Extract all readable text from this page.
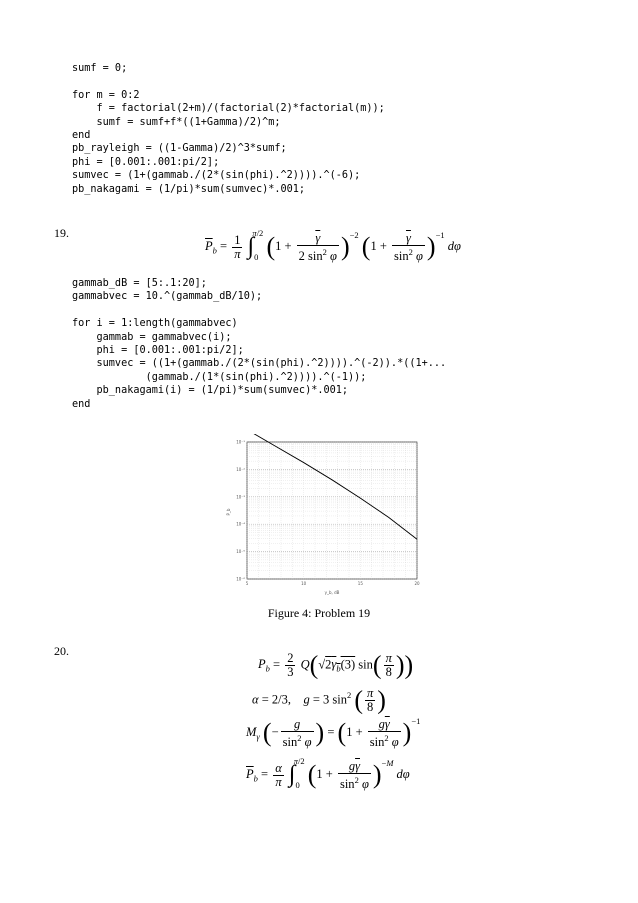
sumf = 0;

for m = 0:2
f = factorial(2+m)/(factorial(2)*factorial(m));
sumf = sumf+f*((1+Gamma)/2)^m;
end
pb_rayleigh = ((1-Gamma)/2)^3*sumf;
phi = [0.001:.001:pi/2];
sumvec = (1+(gammab./(2*(sin(phi).^2)))).^(-6);
pb_nakagami = (1/pi)*sum(sumvec)*.001;
19.
$\overline{P}_b = \frac{1}{\pi} \int_0^{\pi/2}$ $(1 + \frac{\overline{\gamma}}{2 \sin^2 \varphi} )^{-2}$ $(1 + \frac{\overline{\gamma}}{\sin^2 \varphi} )^{-1}$ dφ
gammab_dB = [5:.1:20];
gammabvec = 10.^(gammab_dB/10);

for i = 1:length(gammabvec)
gammab = gammabvec(i);
phi = [0.001:.001:pi/2];
sumvec = ((1+(gammab./(2*(sin(phi).^2)))).^(-2)).*((1+...
(gammab./(1*(sin(phi).^2)))).^(-1));
pb_nakagami(i) = (1/pi)*sum(sumvec)*.001;
end
5	10	15	20
10⁻¹
10⁻²
10⁻³
10⁻⁴
10⁻⁵
10⁻⁶
γ_b, dB
P_b
Figure 4: Problem 19
20.
$P_b = \frac{2}{3} Q(√2\gamma_b(3)$ $\sin( \frac{\pi}{8}$ ))
α = 2/3,    g = 3 $\sin^2$ ( $\frac{\pi}{8}$ )
$M_\gamma$ (− $\frac{g}{\sin^2 \varphi}$ ) = $(1 + \frac{g\overline{\gamma}}{\sin^2 \varphi} )^{-1}$
$\overline{P}_b = \frac{\alpha}{\pi} \int_0^{\pi/2}$ $(1 + \frac{g\overline{\gamma}}{\sin^2 \varphi} )^{-M}$ dφ
